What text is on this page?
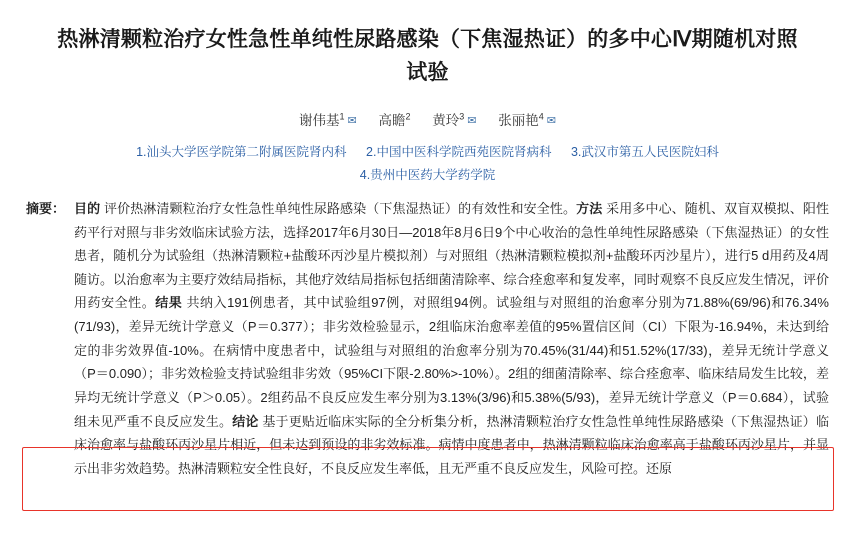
热淋清颗粒治疗女性急性单纯性尿路感染（下焦湿热证）的多中心Ⅳ期随机对照试验
谢伟基$^1$ ✉ 高瞻$^2$ 黄玲$^3$ ✉ 张丽艳$^4$ ✉
1.汕头大学医学院第二附属医院肾内科 2.中国中医科学院西苑医院肾病科 3.武汉市第五人民医院妇科
4.贵州中医药大学药学院
摘要： 目的 评价热淋清颗粒治疗女性急性单纯性尿路感染（下焦湿热证）的有效性和安全性。方法 采用多中心、随机、双盲双模拟、阳性药平行对照与非劣效临床试验方法，选择2017年6月30日—2018年8月6日9个中心收治的急性单纯性尿路感染（下焦湿热证）的女性患者，随机分为试验组（热淋清颗粒+盐酸环丙沙星片模拟剂）与对照组（热淋清颗粒模拟剂+盐酸环丙沙星片），进行5 d用药及4周随访。以治愈率为主要疗效结局指标，其他疗效结局指标包括细菌清除率、综合痊愈率和复发率，同时观察不良反应发生情况，评价用药安全性。结果 共纳入191例患者，其中试验组97例，对照组94例。试验组与对照组的治愈率分别为71.88%(69/96)和76.34%(71/93)，差异无统计学意义（P＝0.377）；非劣效检验显示，2组临床治愈率差值的95%置信区间（CI）下限为-16.94%，未达到给定的非劣效界值-10%。在病情中度患者中，试验组与对照组的治愈率分别为70.45%(31/44)和51.52%(17/33)，差异无统计学意义（P＝0.090）；非劣效检验支持试验组非劣效（95%CI下限-2.80%>-10%）。2组的细菌清除率、综合痊愈率、临床结局发生比较，差异均无统计学意义（P＞0.05）。2组药品不良反应发生率分别为3.13%(3/96)和5.38%(5/93)，差异无统计学意义（P＝0.684），试验组未见严重不良反应发生。结论 基于更贴近临床实际的全分析集分析，热淋清颗粒治疗女性急性单纯性尿路感染（下焦湿热证）临床治愈率与盐酸环丙沙星片相近，但未达到预设的非劣效标准。病情中度患者中，热淋清颗粒临床治愈率高于盐酸环丙沙星片，并显示出非劣效趋势。热淋清颗粒安全性良好，不良反应发生率低，且无严重不良反应发生，风险可控。还原
